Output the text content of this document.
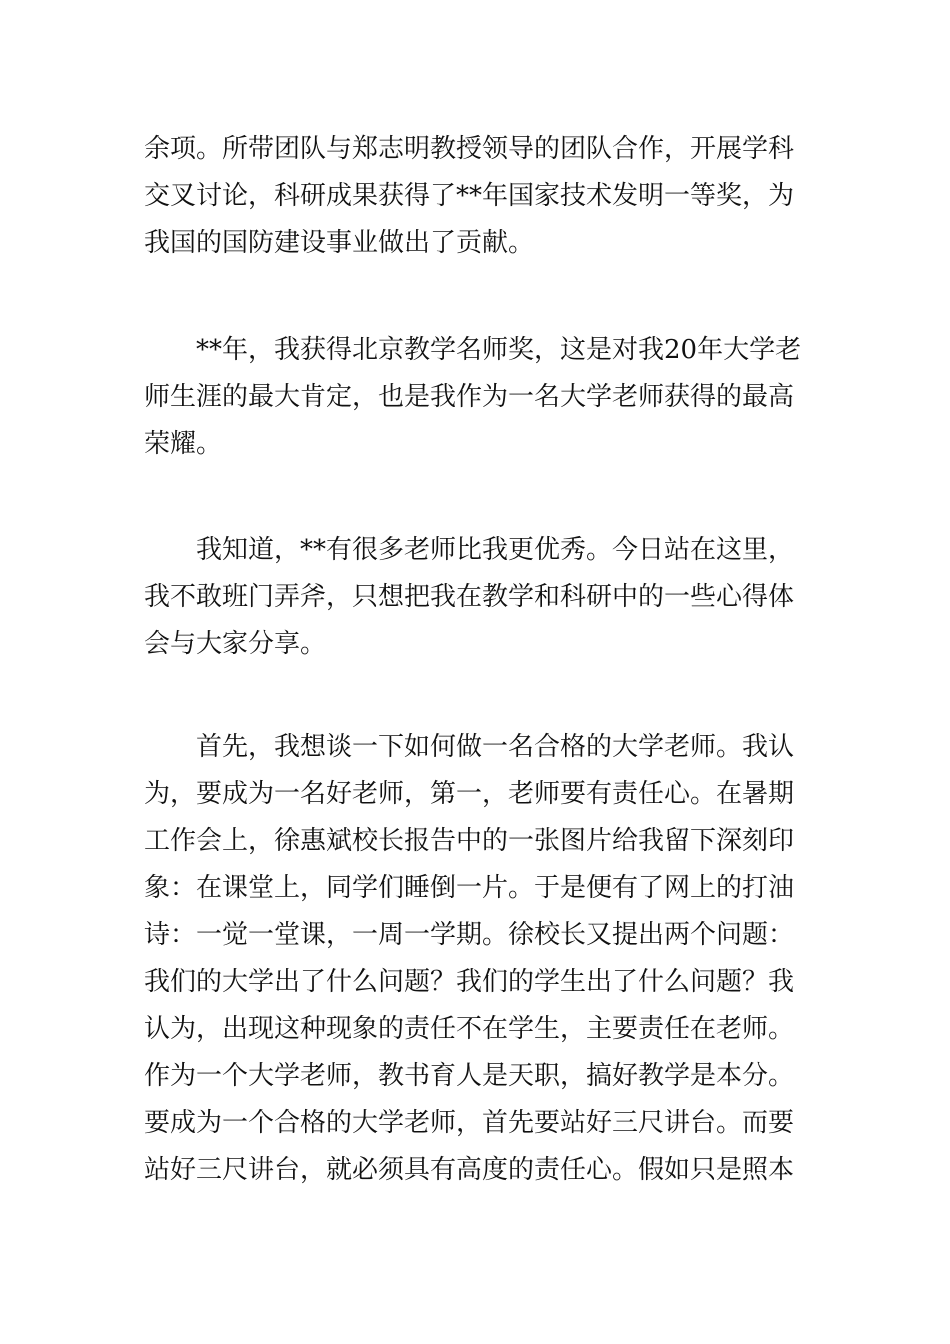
余项。所带团队与郑志明教授领导的团队合作，开展学科
交叉讨论，科研成果获得了**年国家技术发明一等奖，为
我国的国防建设事业做出了贡献。
**年，我获得北京教学名师奖，这是对我20年大学老
师生涯的最大肯定，也是我作为一名大学老师获得的最高
荣耀。
我知道，**有很多老师比我更优秀。今日站在这里，
我不敢班门弄斧，只想把我在教学和科研中的一些心得体
会与大家分享。
首先，我想谈一下如何做一名合格的大学老师。我认
为，要成为一名好老师，第一，老师要有责任心。在暑期
工作会上，徐惠斌校长报告中的一张图片给我留下深刻印
象：在课堂上，同学们睡倒一片。于是便有了网上的打油
诗：一觉一堂课，一周一学期。徐校长又提出两个问题：
我们的大学出了什么问题？我们的学生出了什么问题？我
认为，出现这种现象的责任不在学生，主要责任在老师。
作为一个大学老师，教书育人是天职，搞好教学是本分。
要成为一个合格的大学老师，首先要站好三尺讲台。而要
站好三尺讲台，就必须具有高度的责任心。假如只是照本
